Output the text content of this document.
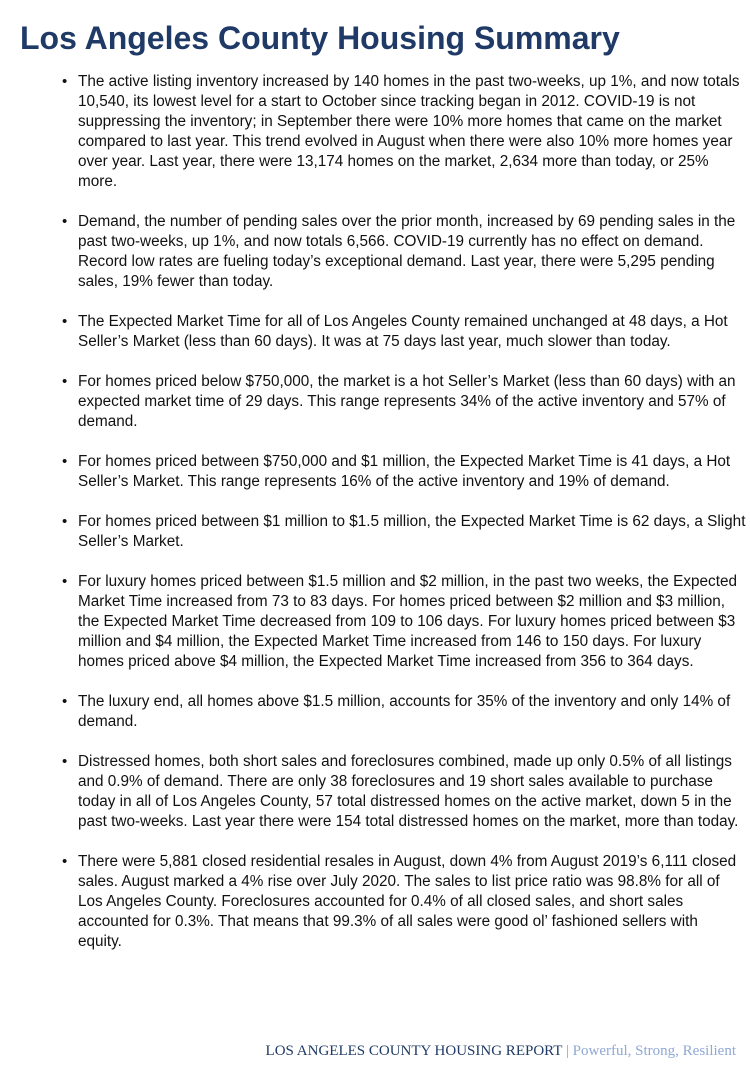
Los Angeles County Housing Summary
• The active listing inventory increased by 140 homes in the past two-weeks, up 1%, and now totals 10,540, its lowest level for a start to October since tracking began in 2012. COVID-19 is not suppressing the inventory; in September there were 10% more homes that came on the market compared to last year. This trend evolved in August when there were also 10% more homes year over year. Last year, there were 13,174 homes on the market, 2,634 more than today, or 25% more.
• Demand, the number of pending sales over the prior month, increased by 69 pending sales in the past two-weeks, up 1%, and now totals 6,566. COVID-19 currently has no effect on demand. Record low rates are fueling today’s exceptional demand. Last year, there were 5,295 pending sales, 19% fewer than today.
• The Expected Market Time for all of Los Angeles County remained unchanged at 48 days, a Hot Seller’s Market (less than 60 days). It was at 75 days last year, much slower than today.
• For homes priced below $750,000, the market is a hot Seller’s Market (less than 60 days) with an expected market time of 29 days. This range represents 34% of the active inventory and 57% of demand.
• For homes priced between $750,000 and $1 million, the Expected Market Time is 41 days, a Hot Seller’s Market. This range represents 16% of the active inventory and 19% of demand.
• For homes priced between $1 million to $1.5 million, the Expected Market Time is 62 days, a Slight Seller’s Market.
• For luxury homes priced between $1.5 million and $2 million, in the past two weeks, the Expected Market Time increased from 73 to 83 days. For homes priced between $2 million and $3 million, the Expected Market Time decreased from 109 to 106 days. For luxury homes priced between $3 million and $4 million, the Expected Market Time increased from 146 to 150 days. For luxury homes priced above $4 million, the Expected Market Time increased from 356 to 364 days.
• The luxury end, all homes above $1.5 million, accounts for 35% of the inventory and only 14% of demand.
• Distressed homes, both short sales and foreclosures combined, made up only 0.5% of all listings and 0.9% of demand. There are only 38 foreclosures and 19 short sales available to purchase today in all of Los Angeles County, 57 total distressed homes on the active market, down 5 in the past two-weeks. Last year there were 154 total distressed homes on the market, more than today.
• There were 5,881 closed residential resales in August, down 4% from August 2019’s 6,111 closed sales. August marked a 4% rise over July 2020. The sales to list price ratio was 98.8% for all of Los Angeles County. Foreclosures accounted for 0.4% of all closed sales, and short sales accounted for 0.3%. That means that 99.3% of all sales were good ol’ fashioned sellers with equity.
LOS ANGELES COUNTY HOUSING REPORT | Powerful, Strong, Resilient
